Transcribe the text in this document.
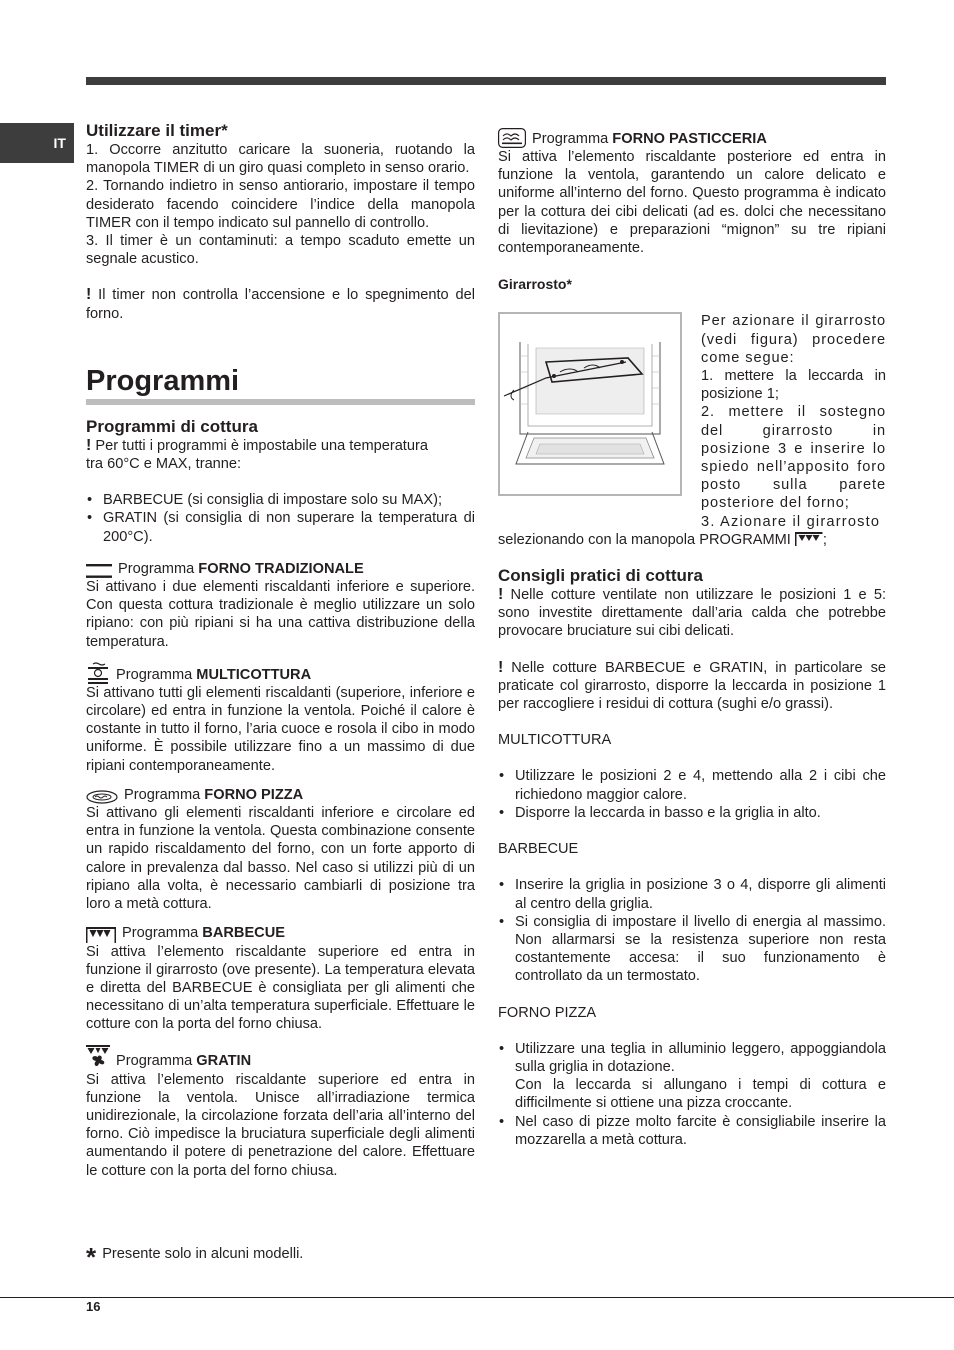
IT
Utilizzare il timer*

1. Occorre anzitutto caricare la suoneria, ruotando la manopola TIMER di un giro quasi completo in senso orario.

2. Tornando indietro in senso antiorario, impostare il tempo desiderato facendo coincidere l’indice della manopola TIMER con il tempo indicato sul pannello di controllo.

3. Il timer è un contaminuti: a tempo scaduto emette un segnale acustico.

! Il timer non controlla l’accensione e lo spegnimento del forno.

Programmi
Programmi di cottura

! Per tutti i programmi è impostabile una temperatura tra 60°C e MAX, tranne:

• BARBECUE (si consiglia di impostare solo su MAX);
• GRATIN (si consiglia di non superare la temperatura di 200°C).
Programma FORNO TRADIZIONALE

Si attivano i due elementi riscaldanti inferiore e superiore. Con questa cottura tradizionale è meglio utilizzare un solo ripiano: con più ripiani si ha una cattiva distribuzione della temperatura.

Programma MULTICOTTURA

Si attivano tutti gli elementi riscaldanti (superiore, inferiore e circolare) ed entra in funzione la ventola. Poiché il calore è costante in tutto il forno, l’aria cuoce e rosola il cibo in modo uniforme. È possibile utilizzare fino a un massimo di due ripiani contemporaneamente.

Programma FORNO PIZZA

Si attivano gli elementi riscaldanti inferiore e circolare ed entra in funzione la ventola. Questa combinazione consente un rapido riscaldamento del forno, con un forte apporto di calore in prevalenza dal basso. Nel caso si utilizzi più di un ripiano alla volta, è necessario cambiarli di posizione tra loro a metà cottura.

Programma BARBECUE

Si attiva l’elemento riscaldante superiore ed entra in funzione il girarrosto (ove presente). La temperatura elevata e diretta del BARBECUE è consigliata per gli alimenti che necessitano di un’alta temperatura superficiale. Effettuare le cotture con la porta del forno chiusa.

Programma GRATIN

Si attiva l’elemento riscaldante superiore ed entra in funzione la ventola. Unisce all’irradiazione termica unidirezionale, la circolazione forzata dell’aria all’interno del forno. Ciò impedisce la bruciatura superficiale degli alimenti aumentando il potere di penetrazione del calore. Effettuare le cotture con la porta del forno chiusa.

* Presente solo in alcuni modelli.
Programma FORNO PASTICCERIA

Si attiva l’elemento riscaldante posteriore ed entra in funzione la ventola, garantendo un calore delicato e uniforme all’interno del forno. Questo programma è indicato per la cottura dei cibi delicati (ad es. dolci che necessitano di lievitazione) e preparazioni “mignon” su tre ripiani contemporaneamente.

Girarrosto*

Per azionare il girarrosto (vedi figura) procedere come segue:

1. mettere la leccarda in posizione 1;

2. mettere il sostegno del girarrosto in posizione 3 e inserire lo spiedo nell’apposito foro posto sulla parete posteriore del forno;

3. Azionare il girarrosto

selezionando con la manopola PROGRAMMI ;

Consigli pratici di cottura

! Nelle cotture ventilate non utilizzare le posizioni 1 e 5: sono investite direttamente dall’aria calda che potrebbe provocare bruciature sui cibi delicati.

! Nelle cotture BARBECUE e GRATIN, in particolare se praticate col girarrosto, disporre la leccarda in posizione 1 per raccogliere i residui di cottura (sughi e/o grassi).

MULTICOTTURA
• Utilizzare le posizioni 2 e 4, mettendo alla 2 i cibi che richiedono maggior calore.
• Disporre la leccarda in basso e la griglia in alto.
BARBECUE
• Inserire la griglia in posizione 3 o 4, disporre gli alimenti al centro della griglia.
• Si consiglia di impostare il livello di energia al massimo. Non allarmarsi se la resistenza superiore non resta costantemente accesa: il suo funzionamento è controllato da un termostato.
FORNO PIZZA
• Utilizzare una teglia in alluminio leggero, appoggiandola sulla griglia in dotazione.
Con la leccarda si allungano i tempi di cottura e difficilmente si ottiene una pizza croccante.
• Nel caso di pizze molto farcite è consigliabile inserire la mozzarella a metà cottura.
16
